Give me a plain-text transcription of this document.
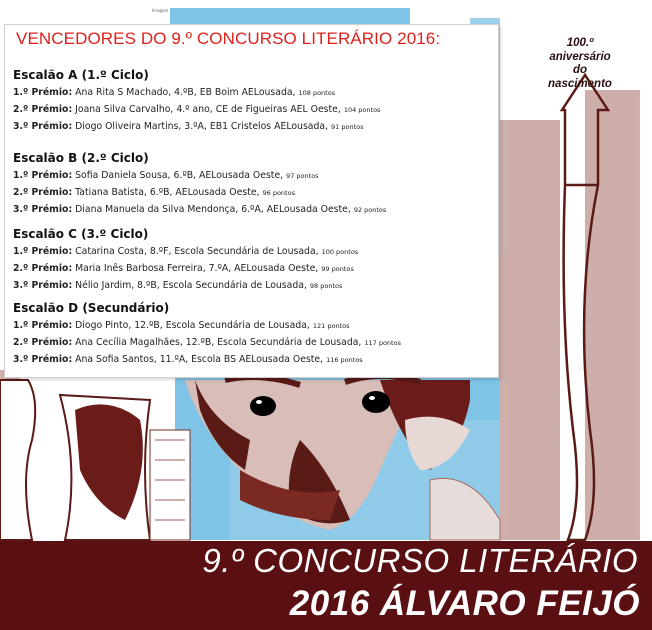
Imagem
VENCEDORES DO 9.º CONCURSO LITERÁRIO 2016:
Escalão A (1.º Ciclo)
1.º Prémio: Ana Rita S Machado, 4.ºB, EB Boim AELousada, 108 pontos
2.º Prémio: Joana Silva Carvalho, 4.º ano, CE de Figueiras AEL Oeste, 104 pontos
3.º Prémio: Diogo Oliveira Martins, 3.ºA, EB1 Cristelos AELousada, 91 pontos
Escalão B (2.º Ciclo)
1.º Prémio: Sofia Daniela Sousa, 6.ºB, AELousada Oeste, 97 pontos
2.º Prémio: Tatiana Batista, 6.ºB, AELousada Oeste, 96 pontos
3.º Prémio: Diana Manuela da Silva Mendonça, 6.ºA, AELousada Oeste, 92 pontos
Escalão C (3.º Ciclo)
1.º Prémio: Catarina Costa, 8.ºF, Escola Secundária de Lousada, 100 pontos
2.º Prémio: Maria Inês Barbosa Ferreira, 7.ºA, AELousada Oeste, 99 pontos
3.º Prémio: Nélio Jardim, 8.ºB, Escola Secundária de Lousada, 98 pontos
Escalão D (Secundário)
1.º Prémio: Diogo Pinto, 12.ºB, Escola Secundária de Lousada, 121 pontos
2.º Prémio: Ana Cecília Magalhães, 12.ºB, Escola Secundária de Lousada, 117 pontos
3.º Prémio: Ana Sofia Santos, 11.ºA, Escola BS AELousada Oeste, 116 pontos
100.º
aniversário
do
nascimento
9.º CONCURSO LITERÁRIO
2016 ÁLVARO FEIJÓ
